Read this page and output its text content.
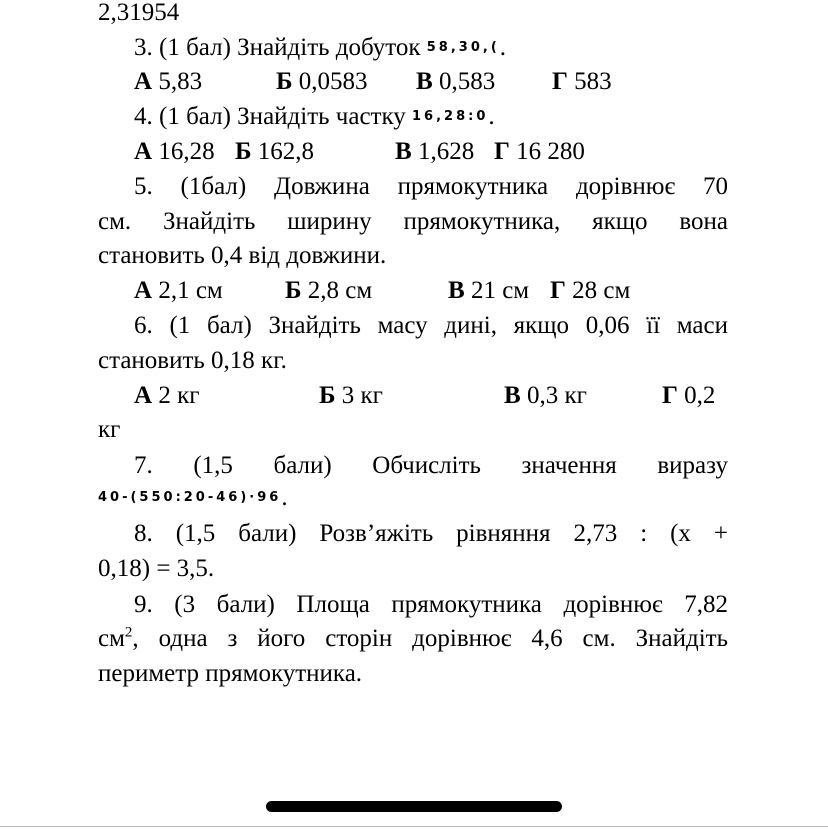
2,31954
3. (1 бал) Знайдіть добуток 58,30,(.
А 5,83	Б 0,0583 В 0,583 Г 583
4. (1 бал) Знайдіть частку 16,28:0.
А 16,28 Б 162,8	В 1,628 Г 16 280
5. (1бал) Довжина прямокутника дорівнює 70
см. Знайдіть ширину прямокутника, якщо вона
становить 0,4 від довжини.
А 2,1 см Б 2,8 см	В 21 см Г 28 см
6. (1 бал) Знайдіть масу дині, якщо 0,06 її маси
становить 0,18 кг.
А 2 кг	Б 3 кг	В 0,3 кг	Г 0,2
кг
7. (1,5 бали) Обчисліть значення виразу
40-(550:20-46)·96.
8. (1,5 бали) Розв’яжіть рівняння 2,73 : (x +
0,18) = 3,5.
9. (3 бали) Площа прямокутника дорівнює 7,82
$см^2$, одна з його сторін дорівнює 4,6 см. Знайдіть
периметр прямокутника.
